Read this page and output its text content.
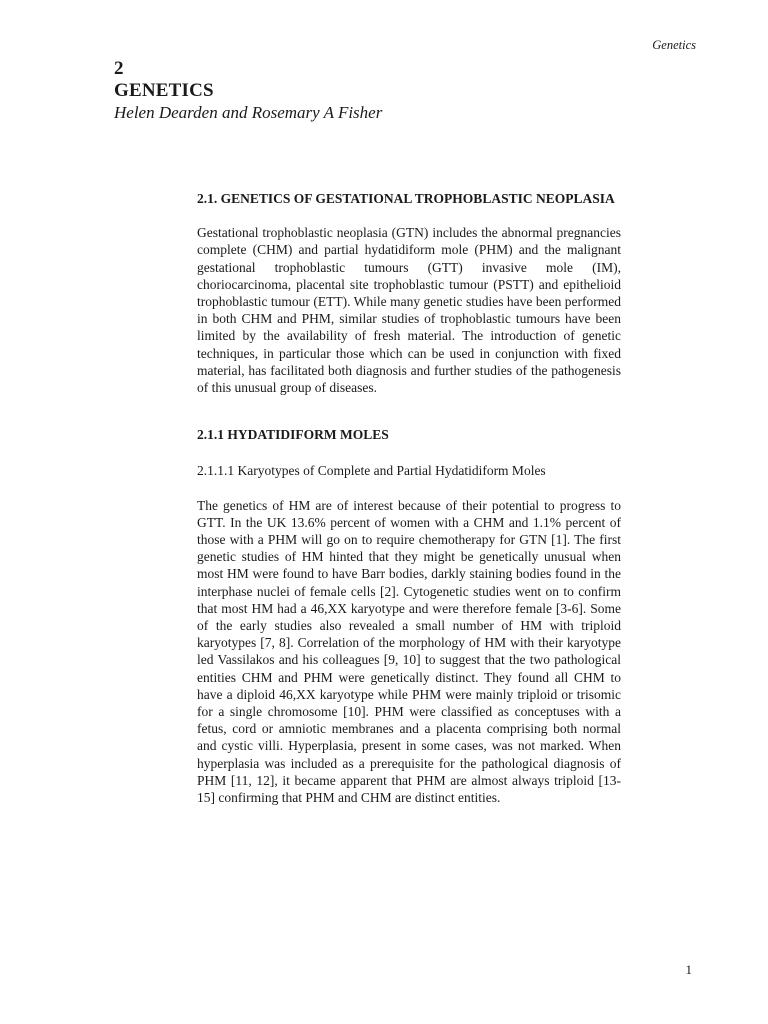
Genetics
2
GENETICS
Helen Dearden and Rosemary A Fisher

2.1. GENETICS OF GESTATIONAL TROPHOBLASTIC NEOPLASIA

Gestational trophoblastic neoplasia (GTN) includes the abnormal pregnancies complete (CHM) and partial hydatidiform mole (PHM) and the malignant gestational trophoblastic tumours (GTT) invasive mole (IM), choriocarcinoma, placental site trophoblastic tumour (PSTT) and epithelioid trophoblastic tumour (ETT). While many genetic studies have been performed in both CHM and PHM, similar studies of trophoblastic tumours have been limited by the availability of fresh material. The introduction of genetic techniques, in particular those which can be used in conjunction with fixed material, has facilitated both diagnosis and further studies of the pathogenesis of this unusual group of diseases.

2.1.1 HYDATIDIFORM MOLES

2.1.1.1 Karyotypes of Complete and Partial Hydatidiform Moles

The genetics of HM are of interest because of their potential to progress to GTT. In the UK 13.6% percent of women with a CHM and 1.1% percent of those with a PHM will go on to require chemotherapy for GTN [1]. The first genetic studies of HM hinted that they might be genetically unusual when most HM were found to have Barr bodies, darkly staining bodies found in the interphase nuclei of female cells [2]. Cytogenetic studies went on to confirm that most HM had a 46,XX karyotype and were therefore female [3-6]. Some of the early studies also revealed a small number of HM with triploid karyotypes [7, 8]. Correlation of the morphology of HM with their karyotype led Vassilakos and his colleagues [9, 10] to suggest that the two pathological entities CHM and PHM were genetically distinct. They found all CHM to have a diploid 46,XX karyotype while PHM were mainly triploid or trisomic for a single chromosome [10]. PHM were classified as conceptuses with a fetus, cord or amniotic membranes and a placenta comprising both normal and cystic villi. Hyperplasia, present in some cases, was not marked. When hyperplasia was included as a prerequisite for the pathological diagnosis of PHM [11, 12], it became apparent that PHM are almost always triploid [13-15] confirming that PHM and CHM are distinct entities.

1
